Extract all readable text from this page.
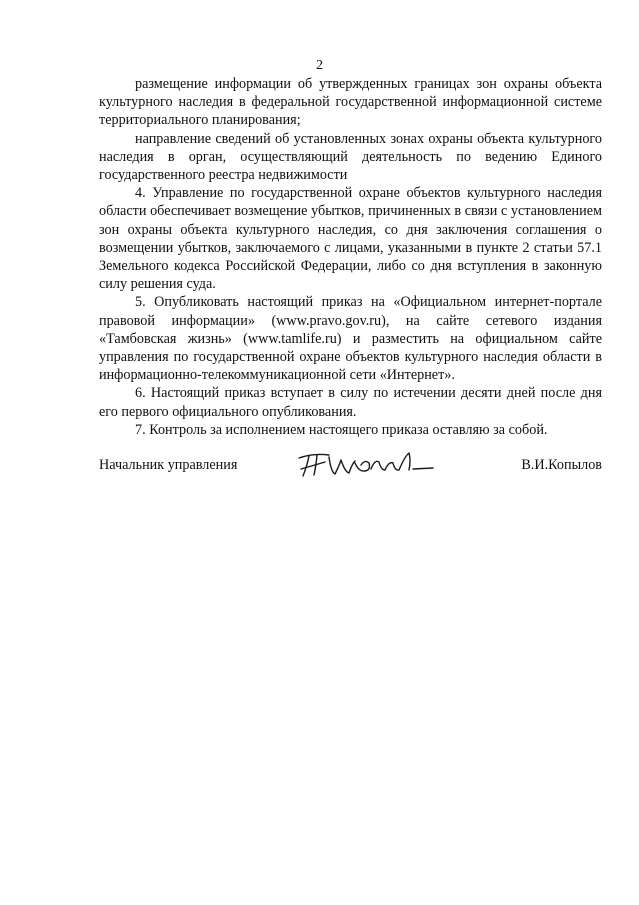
2

размещение информации об утвержденных границах зон охраны объекта культурного наследия в федеральной государственной информационной системе территориального планирования;

направление сведений об установленных зонах охраны объекта культурного наследия в орган, осуществляющий деятельность по ведению Единого государственного реестра недвижимости

4. Управление по государственной охране объектов культурного наследия области обеспечивает возмещение убытков, причиненных в связи с установлением зон охраны объекта культурного наследия, со дня заключения соглашения о возмещении убытков, заключаемого с лицами, указанными в пункте 2 статьи 57.1 Земельного кодекса Российской Федерации, либо со дня вступления в законную силу решения суда.

5. Опубликовать настоящий приказ на «Официальном интернет-портале правовой информации» (www.pravo.gov.ru), на сайте сетевого издания «Тамбовская жизнь» (www.tamlife.ru) и разместить на официальном сайте управления по государственной охране объектов культурного наследия области в информационно-телекоммуникационной сети «Интернет».

6. Настоящий приказ вступает в силу по истечении десяти дней после дня его первого официального опубликования.

7. Контроль за исполнением настоящего приказа оставляю за собой.

Начальник управления	В.И.Копылов
